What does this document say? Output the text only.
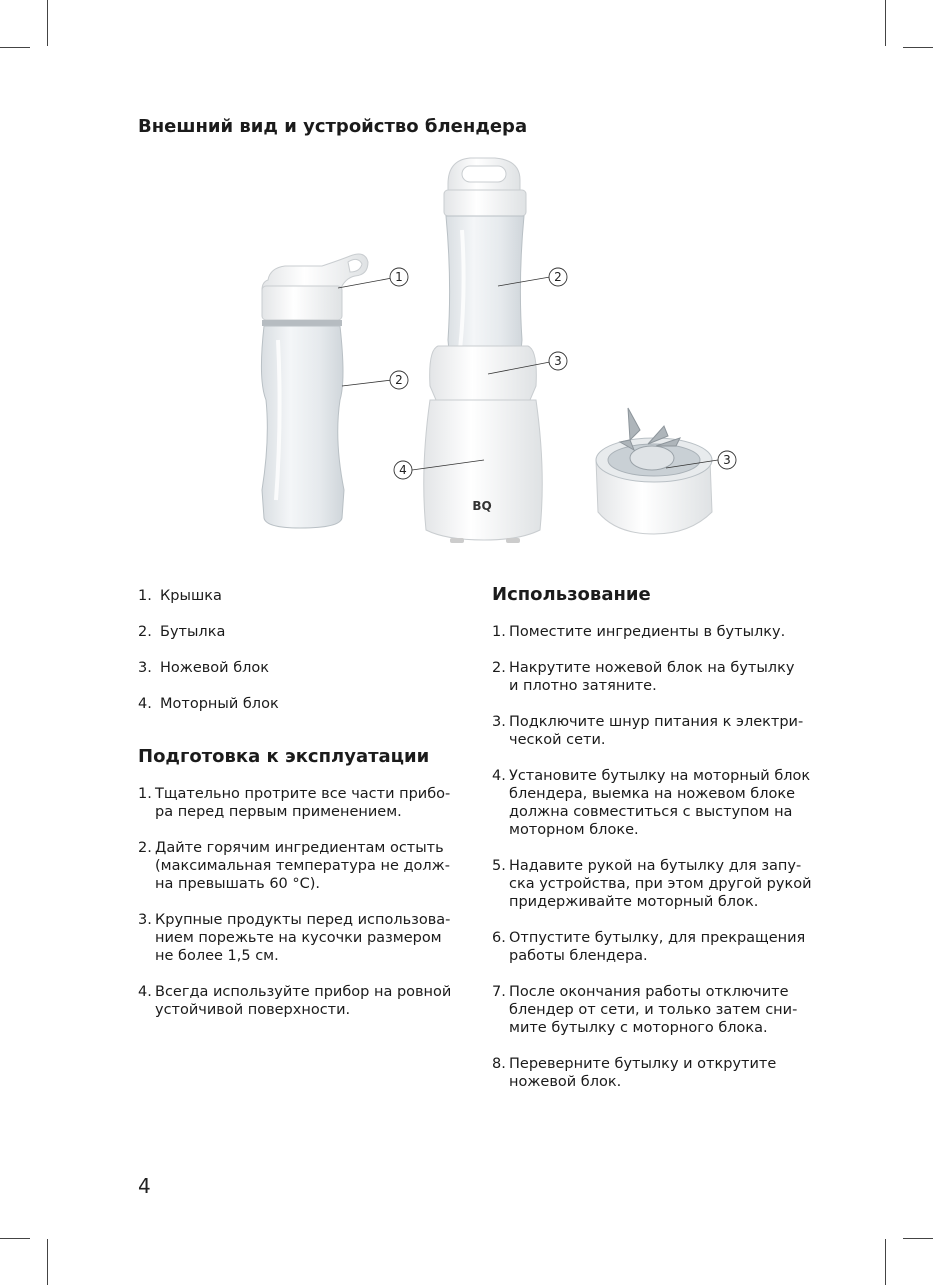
Внешний вид и устройство блендера
BQ
1
2
2
3
3
4
1. Крышка
2. Бутылка
3. Ножевой блок
4. Моторный блок
Подготовка к эксплуатации
1. Тщательно протрите все части прибо-
ра перед первым применением.
2. Дайте горячим ингредиентам остыть
(максимальная температура не долж-
на превышать 60 °С).
3. Крупные продукты перед использова-
нием порежьте на кусочки размером
не более 1,5 см.
4. Всегда используйте прибор на ровной
устойчивой поверхности.
Использование
1. Поместите ингредиенты в бутылку.
2. Накрутите ножевой блок на бутылку
и плотно затяните.
3. Подключите шнур питания к электри-
ческой сети.
4. Установите бутылку на моторный блок
блендера, выемка на ножевом блоке
должна совместиться с выступом на
моторном блоке.
5. Надавите рукой на бутылку для запу-
ска устройства, при этом другой рукой
придерживайте моторный блок.
6. Отпустите бутылку, для прекращения
работы блендера.
7. После окончания работы отключите
блендер от сети, и только затем сни-
мите бутылку с моторного блока.
8. Переверните бутылку и открутите
ножевой блок.
4
